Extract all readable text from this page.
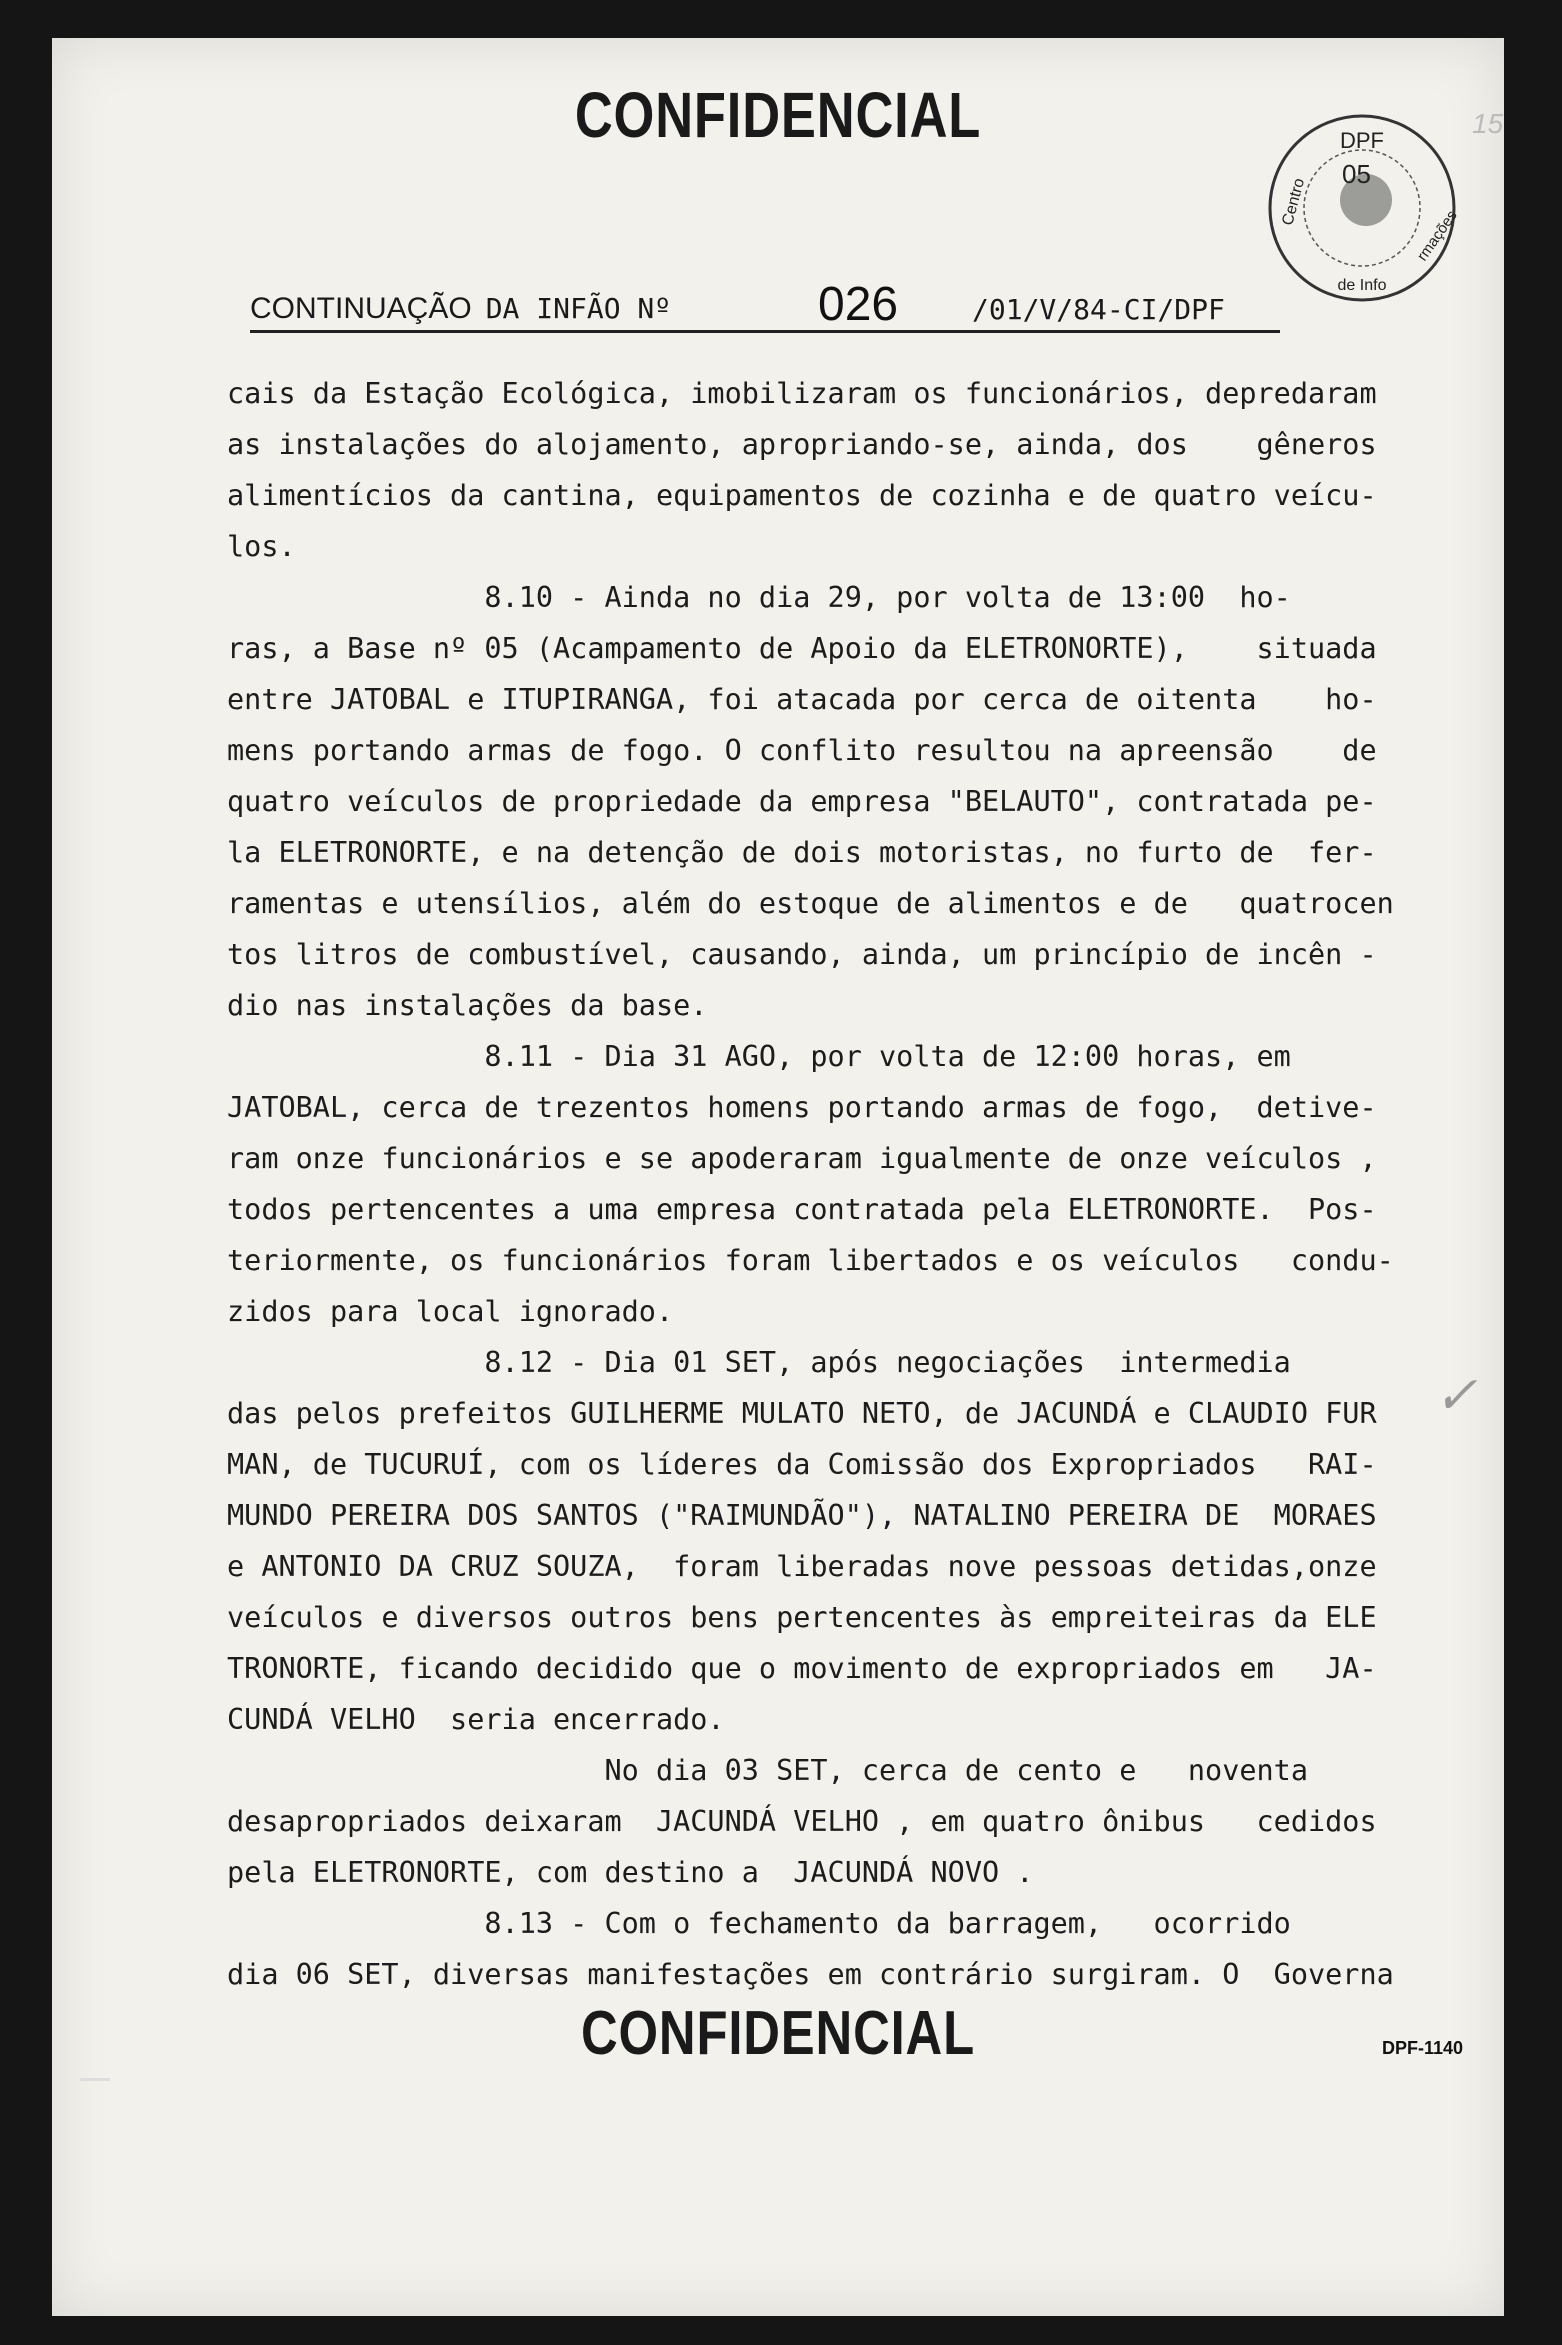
CONFIDENCIAL	15
CONTINUAÇÃO DA INFÃO Nº	026	/01/V/84-CI/DPF
DPF
05
Centro
de Info
rmações
cais da Estação Ecológica, imobilizaram os funcionários, depredaram
as instalações do alojamento, apropriando-se, ainda, dos    gêneros
alimentícios da cantina, equipamentos de cozinha e de quatro veícu-
los.
8.10 - Ainda no dia 29, por volta de 13:00  ho-
ras, a Base nº 05 (Acampamento de Apoio da ELETRONORTE),    situada
entre JATOBAL e ITUPIRANGA, foi atacada por cerca de oitenta    ho-
mens portando armas de fogo. O conflito resultou na apreensão    de
quatro veículos de propriedade da empresa "BELAUTO", contratada pe-
la ELETRONORTE, e na detenção de dois motoristas, no furto de  fer-
ramentas e utensílios, além do estoque de alimentos e de   quatrocen
tos litros de combustível, causando, ainda, um princípio de incên -
dio nas instalações da base.
8.11 - Dia 31 AGO, por volta de 12:00 horas, em
JATOBAL, cerca de trezentos homens portando armas de fogo,  detive-
ram onze funcionários e se apoderaram igualmente de onze veículos ,
todos pertencentes a uma empresa contratada pela ELETRONORTE.  Pos-
teriormente, os funcionários foram libertados e os veículos   condu-
zidos para local ignorado.
8.12 - Dia 01 SET, após negociações  intermedia
das pelos prefeitos GUILHERME MULATO NETO, de JACUNDÁ e CLAUDIO FUR
MAN, de TUCURUÍ, com os líderes da Comissão dos Expropriados   RAI-
MUNDO PEREIRA DOS SANTOS ("RAIMUNDÃO"), NATALINO PEREIRA DE  MORAES
e ANTONIO DA CRUZ SOUZA,  foram liberadas nove pessoas detidas,onze
veículos e diversos outros bens pertencentes às empreiteiras da ELE
TRONORTE, ficando decidido que o movimento de expropriados em   JA-
CUNDÁ VELHO  seria encerrado.
No dia 03 SET, cerca de cento e   noventa
desapropriados deixaram  JACUNDÁ VELHO , em quatro ônibus   cedidos
pela ELETRONORTE, com destino a  JACUNDÁ NOVO .
8.13 - Com o fechamento da barragem,   ocorrido
dia 06 SET, diversas manifestações em contrário surgiram. O  Governa
✓
CONFIDENCIAL	DPF-1140
